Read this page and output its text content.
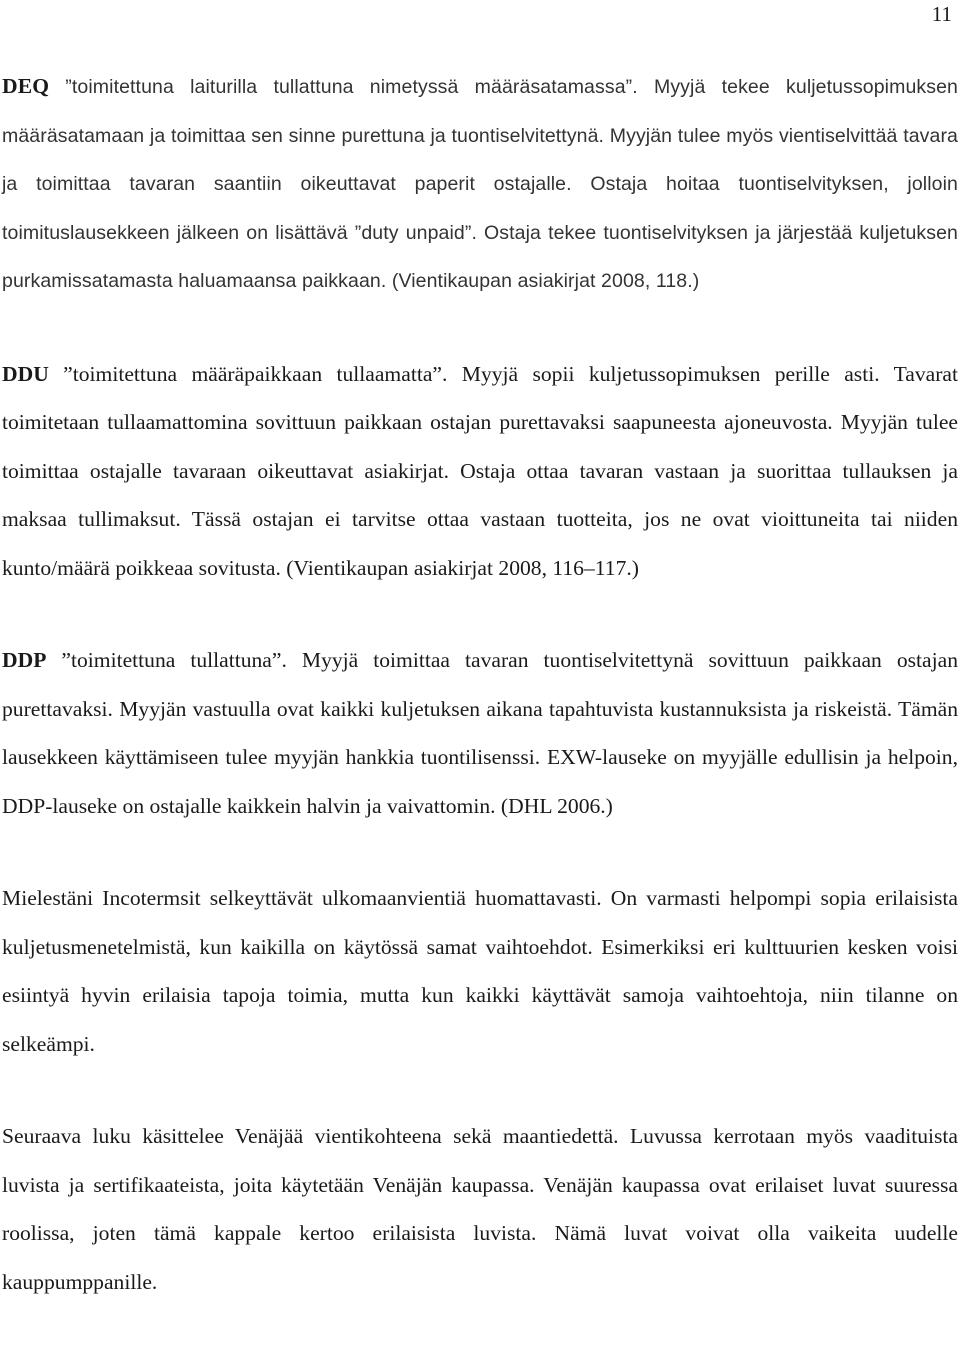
11

DEQ ”toimitettuna laiturilla tullattuna nimetyssä määräsatamassa”. Myyjä tekee kuljetussopimuksen määräsatamaan ja toimittaa sen sinne purettuna ja tuontiselvitettynä. Myyjän tulee myös vientiselvittää tavara ja toimittaa tavaran saantiin oikeuttavat paperit ostajalle. Ostaja hoitaa tuontiselvityksen, jolloin toimituslausekkeen jälkeen on lisättävä ”duty unpaid”. Ostaja tekee tuontiselvityksen ja järjestää kuljetuksen purkamissatamasta haluamaansa paikkaan. (Vientikaupan asiakirjat 2008, 118.)

DDU ”toimitettuna määräpaikkaan tullaamatta”. Myyjä sopii kuljetussopimuksen perille asti. Tavarat toimitetaan tullaamattomina sovittuun paikkaan ostajan purettavaksi saapuneesta ajoneuvosta. Myyjän tulee toimittaa ostajalle tavaraan oikeuttavat asiakirjat. Ostaja ottaa tavaran vastaan ja suorittaa tullauksen ja maksaa tullimaksut. Tässä ostajan ei tarvitse ottaa vastaan tuotteita, jos ne ovat vioittuneita tai niiden kunto/määrä poikkeaa sovitusta. (Vientikaupan asiakirjat 2008, 116–117.)

DDP ”toimitettuna tullattuna”. Myyjä toimittaa tavaran tuontiselvitettynä sovittuun paikkaan ostajan purettavaksi. Myyjän vastuulla ovat kaikki kuljetuksen aikana tapahtuvista kustannuksista ja riskeistä. Tämän lausekkeen käyttämiseen tulee myyjän hankkia tuontilisenssi. EXW-lauseke on myyjälle edullisin ja helpoin, DDP-lauseke on ostajalle kaikkein halvin ja vaivattomin. (DHL 2006.)

Mielestäni Incotermsit selkeyttävät ulkomaanvientiä huomattavasti. On varmasti helpompi sopia erilaisista kuljetusmenetelmistä, kun kaikilla on käytössä samat vaihtoehdot. Esimerkiksi eri kulttuurien kesken voisi esiintyä hyvin erilaisia tapoja toimia, mutta kun kaikki käyttävät samoja vaihtoehtoja, niin tilanne on selkeämpi.

Seuraava luku käsittelee Venäjää vientikohteena sekä maantiedettä. Luvussa kerrotaan myös vaadituista luvista ja sertifikaateista, joita käytetään Venäjän kaupassa. Venäjän kaupassa ovat erilaiset luvat suuressa roolissa, joten tämä kappale kertoo erilaisista luvista. Nämä luvat voivat olla vaikeita uudelle kauppumppanille.
